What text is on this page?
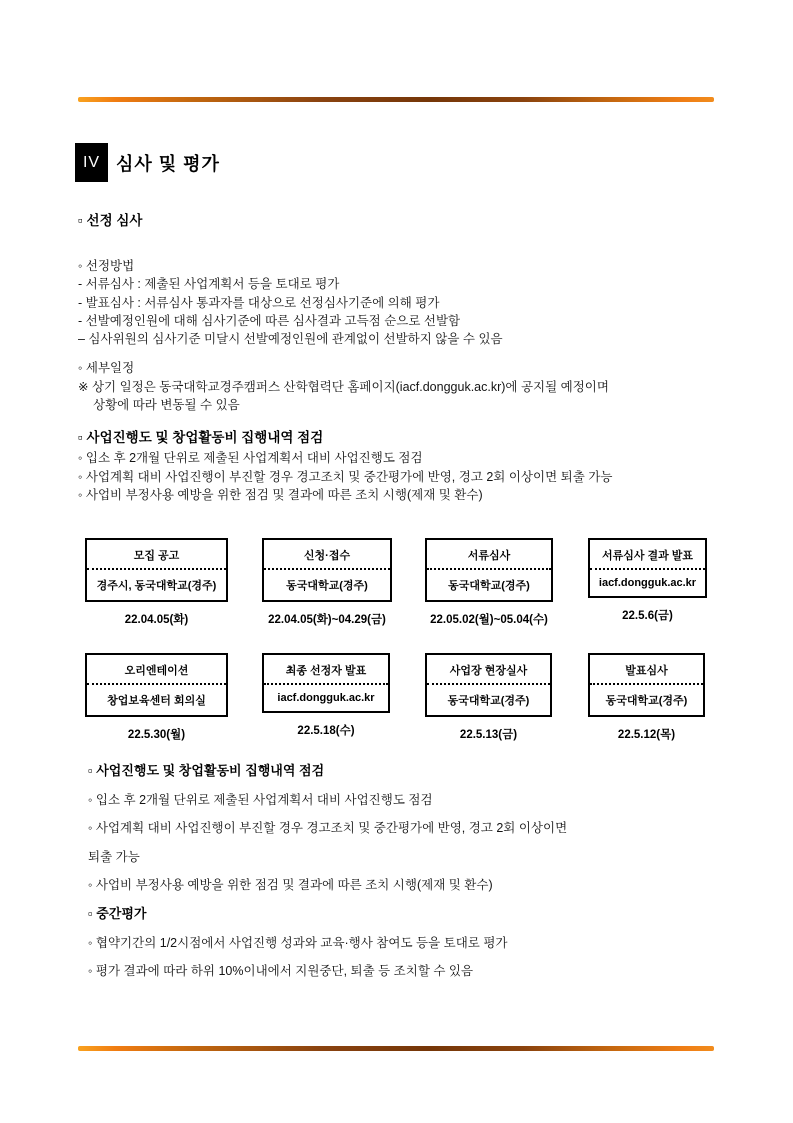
IV 심사 및 평가
▫ 선정 심사
◦ 선정방법
- 서류심사 : 제출된 사업계획서 등을 토대로 평가
- 발표심사 : 서류심사 통과자를 대상으로 선정심사기준에 의해 평가
- 선발예정인원에 대해 심사기준에 따른 심사결과 고득점 순으로 선발함
– 심사위원의 심사기준 미달시 선발예정인원에 관계없이 선발하지 않을 수 있음
◦ 세부일정
※ 상기 일정은 동국대학교경주캠퍼스 산학협력단 홈페이지(iacf.dongguk.ac.kr)에 공지될 예정이며
상황에 따라 변동될 수 있음
▫ 사업진행도 및 창업활동비 집행내역 점검
◦ 입소 후 2개월 단위로 제출된 사업계획서 대비 사업진행도 점검
◦ 사업계획 대비 사업진행이 부진할 경우 경고조치 및 중간평가에 반영, 경고 2회 이상이면 퇴출 가능
◦ 사업비 부정사용 예방을 위한 점검 및 결과에 따른 조치 시행(제재 및 환수)
모집 공고
경주시, 동국대학교(경주)
22.04.05(화)
신청·접수
동국대학교(경주)
22.04.05(화)~04.29(금)
서류심사
동국대학교(경주)
22.05.02(월)~05.04(수)
서류심사 결과 발표
iacf.dongguk.ac.kr
22.5.6(금)
오리엔테이션
창업보육센터 회의실
22.5.30(월)
최종 선정자 발표
iacf.dongguk.ac.kr
22.5.18(수)
사업장 현장실사
동국대학교(경주)
22.5.13(금)
발표심사
동국대학교(경주)
22.5.12(목)
▫ 사업진행도 및 창업활동비 집행내역 점검
◦ 입소 후 2개월 단위로 제출된 사업계획서 대비 사업진행도 점검
◦ 사업계획 대비 사업진행이 부진할 경우 경고조치 및 중간평가에 반영, 경고 2회 이상이면
퇴출 가능
◦ 사업비 부정사용 예방을 위한 점검 및 결과에 따른 조치 시행(제재 및 환수)
▫ 중간평가
◦ 협약기간의 1/2시점에서 사업진행 성과와 교육·행사 참여도 등을 토대로 평가
◦ 평가 결과에 따라 하위 10%이내에서 지원중단, 퇴출 등 조치할 수 있음
